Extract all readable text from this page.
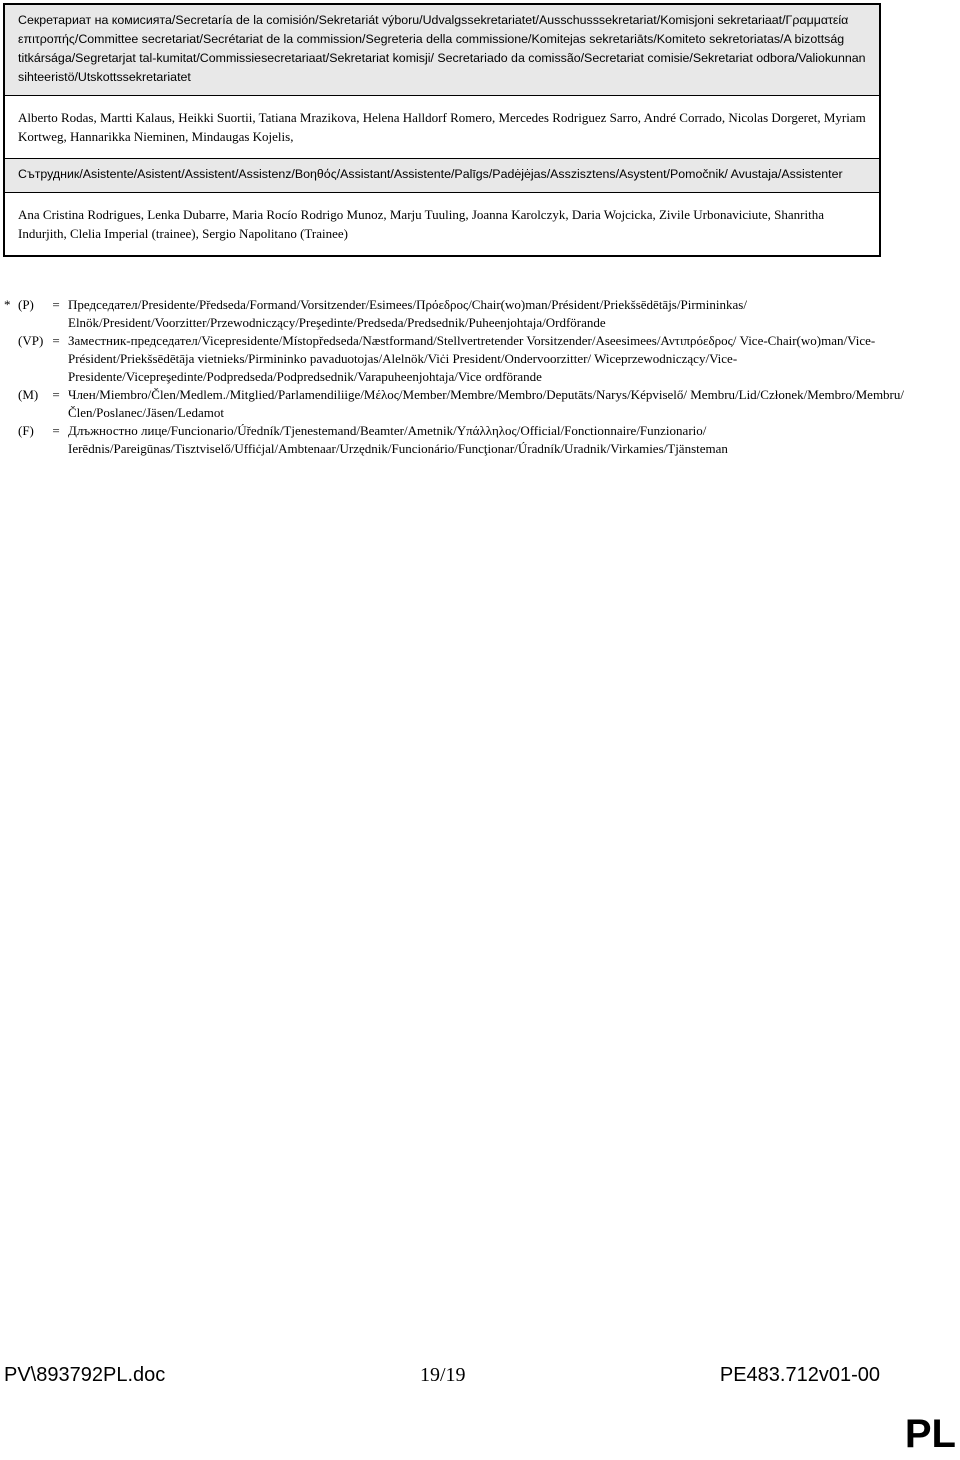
Секретариат на комисията/Secretaría de la comisión/Sekretariát výboru/Udvalgssekretariatet/Ausschusssekretariat/Komisjoni sekretariaat/Γραμματεία επιτροπής/Committee secretariat/Secrétariat de la commission/Segreteria della commissione/Komitejas sekretariāts/Komiteto sekretoriatas/A bizottság titkársága/Segretarjat tal-kumitat/Commissiesecretariaat/Sekretariat komisji/ Secretariado da comissão/Secretariat comisie/Sekretariat odbora/Valiokunnan sihteeristö/Utskottssekretariatet
Alberto Rodas, Martti Kalaus, Heikki Suortii, Tatiana Mrazikova, Helena Halldorf Romero, Mercedes Rodriguez Sarro, André Corrado, Nicolas Dorgeret, Myriam Kortweg, Hannarikka Nieminen, Mindaugas Kojelis,
Сътрудник/Asistente/Asistent/Assistent/Assistenz/Βοηθός/Assistant/Assistente/Palīgs/Padėjėjas/Asszisztens/Asystent/Pomočnik/ Avustaja/Assistenter
Ana Cristina Rodrigues, Lenka Dubarre, Maria Rocío Rodrigo Munoz, Marju Tuuling, Joanna Karolczyk, Daria Wojcicka, Zivile Urbonaviciute, Shanritha Indurjith, Clelia Imperial (trainee), Sergio Napolitano (Trainee)
* (P)	= Председател/Presidente/Předseda/Formand/Vorsitzender/Esimees/Πρόεδρος/Chair(wo)man/Président/Priekšsēdētājs/Pirmininkas/ Elnök/President/Voorzitter/Przewodniczący/Preşedinte/Predseda/Predsednik/Puheenjohtaja/Ordförande
(VP) = Заместник-председател/Vicepresidente/Místopředseda/Næstformand/Stellvertretender Vorsitzender/Aseesimees/Αντιπρόεδρος/ Vice-Chair(wo)man/Vice-Président/Priekšsēdētāja vietnieks/Pirmininko pavaduotojas/Alelnök/Viċi President/Ondervoorzitter/ Wiceprzewodniczący/Vice-Presidente/Vicepreşedinte/Podpredseda/Podpredsednik/Varapuheenjohtaja/Vice ordförande
(M)	= Член/Miembro/Člen/Medlem./Mitglied/Parlamendiliige/Μέλος/Member/Membre/Membro/Deputāts/Narys/Képviselő/ Membru/Lid/Członek/Membro/Membru/Člen/Poslanec/Jäsen/Ledamot
(F)	= Длъжностно лице/Funcionario/Úředník/Tjenestemand/Beamter/Ametnik/Υπάλληλος/Official/Fonctionnaire/Funzionario/ Ierēdnis/Pareigūnas/Tisztviselő/Uffiċjal/Ambtenaar/Urzędnik/Funcionário/Funcţionar/Úradník/Uradnik/Virkamies/Tjänsteman
PV\893792PL.doc	19/19	PE483.712v01-00
PL
